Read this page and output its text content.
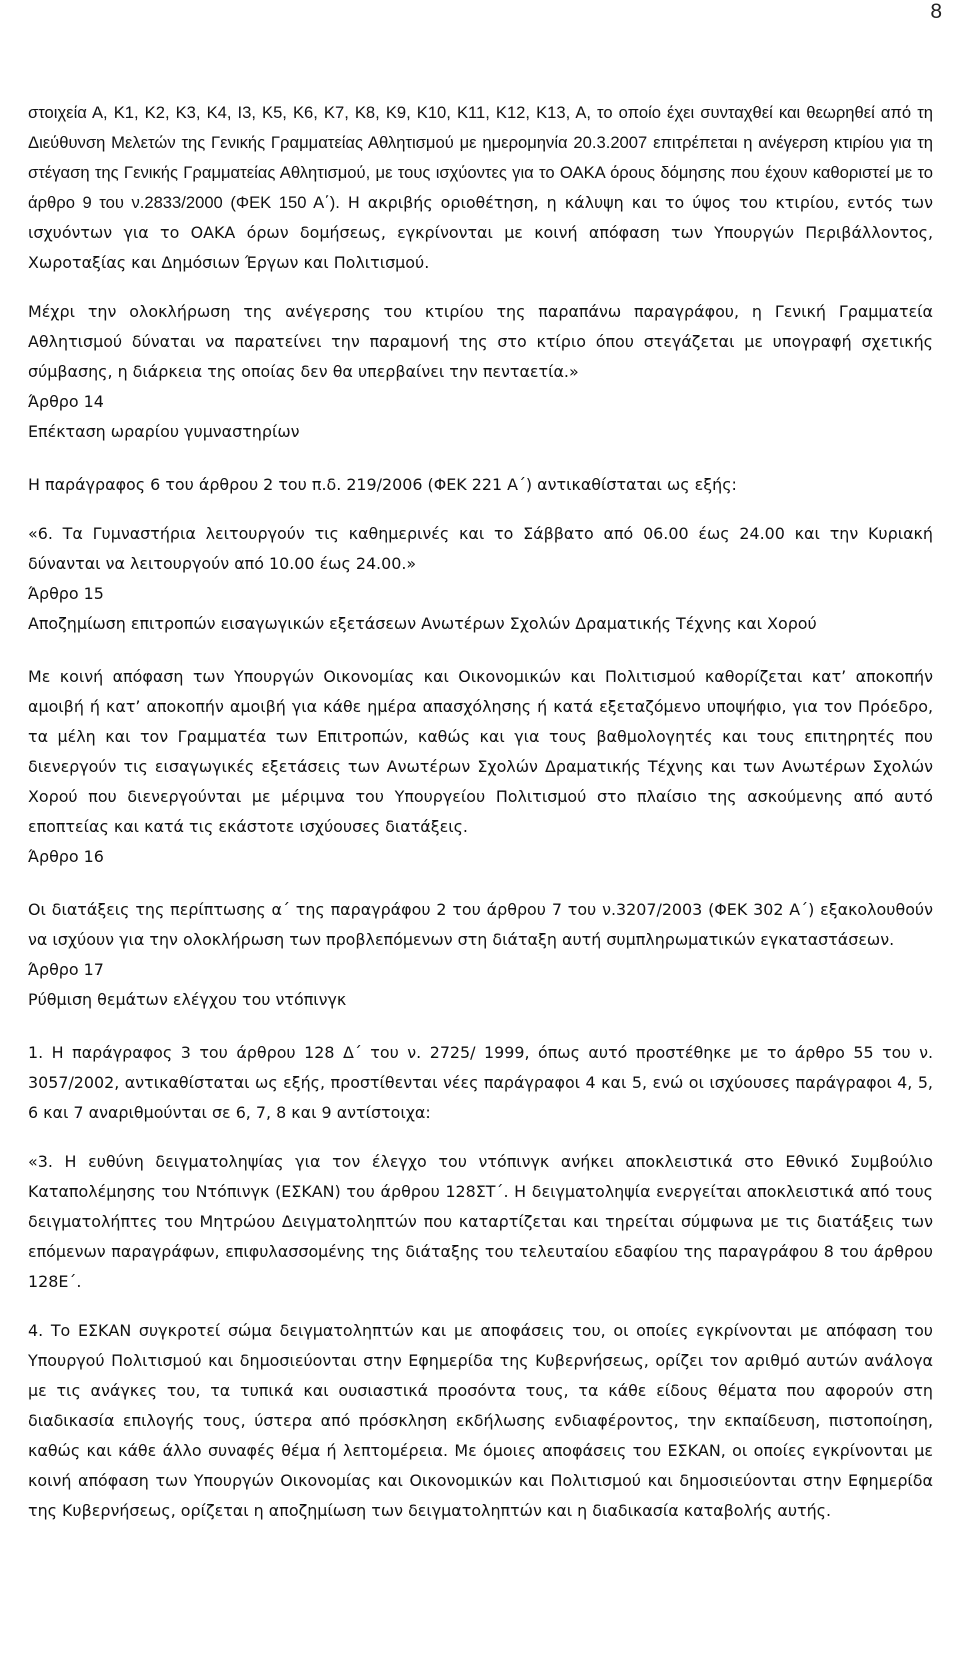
8

στοιχεία Α, Κ1, Κ2, Κ3, Κ4, Ι3, Κ5, Κ6, Κ7, Κ8, Κ9, Κ10, Κ11, Κ12, Κ13, Α, το οποίο έχει συνταχθεί και θεωρηθεί από τη Διεύθυνση Μελετών της Γενικής Γραμματείας Αθλητισμού με ημερομηνία 20.3.2007 επιτρέπεται η ανέγερση κτιρίου για τη στέγαση της Γενικής Γραμματείας Αθλητισμού, με τους ισχύοντες για το ΟΑΚΑ όρους δόμησης που έχουν καθοριστεί με το άρθρο 9 του ν.2833/2000 (ΦΕΚ 150 Α΄). Η ακριβής οριοθέτηση, η κάλυψη και το ύψος του κτιρίου, εντός των ισχυόντων για το ΟΑΚΑ όρων δομήσεως, εγκρίνονται με κοινή απόφαση των Υπουργών Περιβάλλοντος, Χωροταξίας και Δημόσιων Έργων και Πολιτισμού.

Μέχρι την ολοκλήρωση της ανέγερσης του κτιρίου της παραπάνω παραγράφου, η Γενική Γραμματεία Αθλητισμού δύναται να παρατείνει την παραμονή της στο κτίριο όπου στεγάζεται με υπογραφή σχετικής σύμβασης, η διάρκεια της οποίας δεν θα υπερβαίνει την πενταετία.»

Άρθρο 14

Επέκταση ωραρίου γυμναστηρίων

Η παράγραφος 6 του άρθρου 2 του π.δ. 219/2006 (ΦΕΚ 221 Α΄) αντικαθίσταται ως εξής:

«6. Τα Γυμναστήρια λειτουργούν τις καθημερινές και το Σάββατο από 06.00 έως 24.00 και την Κυριακή δύνανται να λειτουργούν από 10.00 έως 24.00.»

Άρθρο 15

Αποζημίωση επιτροπών εισαγωγικών εξετάσεων Ανωτέρων Σχολών Δραματικής Τέχνης και Χορού

Με κοινή απόφαση των Υπουργών Οικονομίας και Οικονομικών και Πολιτισμού καθορίζεται κατ’ αποκοπήν αμοιβή ή κατ’ αποκοπήν αμοιβή για κάθε ημέρα απασχόλησης ή κατά εξεταζόμενο υποψήφιο, για τον Πρόεδρο, τα μέλη και τον Γραμματέα των Επιτροπών, καθώς και για τους βαθμολογητές και τους επιτηρητές που διενεργούν τις εισαγωγικές εξετάσεις των Ανωτέρων Σχολών Δραματικής Τέχνης και των Ανωτέρων Σχολών Χορού που διενεργούνται με μέριμνα του Υπουργείου Πολιτισμού στο πλαίσιο της ασκούμενης από αυτό εποπτείας και κατά τις εκάστοτε ισχύουσες διατάξεις.

Άρθρο 16

Οι διατάξεις της περίπτωσης α΄ της παραγράφου 2 του άρθρου 7 του ν.3207/2003 (ΦΕΚ 302 Α΄) εξακολουθούν να ισχύουν για την ολοκλήρωση των προβλεπόμενων στη διάταξη αυτή συμπληρωματικών εγκαταστάσεων.

Άρθρο 17

Ρύθμιση θεμάτων ελέγχου του ντόπινγκ

1. Η παράγραφος 3 του άρθρου 128 Δ΄ του ν. 2725/ 1999, όπως αυτό προστέθηκε με το άρθρο 55 του ν. 3057/2002, αντικαθίσταται ως εξής, προστίθενται νέες παράγραφοι 4 και 5, ενώ οι ισχύουσες παράγραφοι 4, 5, 6 και 7 αναριθμούνται σε 6, 7, 8 και 9 αντίστοιχα:

«3. Η ευθύνη δειγματοληψίας για τον έλεγχο του ντόπινγκ ανήκει αποκλειστικά στο Εθνικό Συμβούλιο Καταπολέμησης του Ντόπινγκ (ΕΣΚΑΝ) του άρθρου 128ΣΤ΄. Η δειγματοληψία ενεργείται αποκλειστικά από τους δειγματολήπτες του Μητρώου Δειγματοληπτών που καταρτίζεται και τηρείται σύμφωνα με τις διατάξεις των επόμενων παραγράφων, επιφυλασσομένης της διάταξης του τελευταίου εδαφίου της παραγράφου 8 του άρθρου 128Ε΄.

4. Το ΕΣΚΑΝ συγκροτεί σώμα δειγματοληπτών και με αποφάσεις του, οι οποίες εγκρίνονται με απόφαση του Υπουργού Πολιτισμού και δημοσιεύονται στην Εφημερίδα της Κυβερνήσεως, ορίζει τον αριθμό αυτών ανάλογα με τις ανάγκες του, τα τυπικά και ουσιαστικά προσόντα τους, τα κάθε είδους θέματα που αφορούν στη διαδικασία επιλογής τους, ύστερα από πρόσκληση εκδήλωσης ενδιαφέροντος, την εκπαίδευση, πιστοποίηση, καθώς και κάθε άλλο συναφές θέμα ή λεπτομέρεια. Με όμοιες αποφάσεις του ΕΣΚΑΝ, οι οποίες εγκρίνονται με κοινή απόφαση των Υπουργών Οικονομίας και Οικονομικών και Πολιτισμού και δημοσιεύονται στην Εφημερίδα της Κυβερνήσεως, ορίζεται η αποζημίωση των δειγματοληπτών και η διαδικασία καταβολής αυτής.
